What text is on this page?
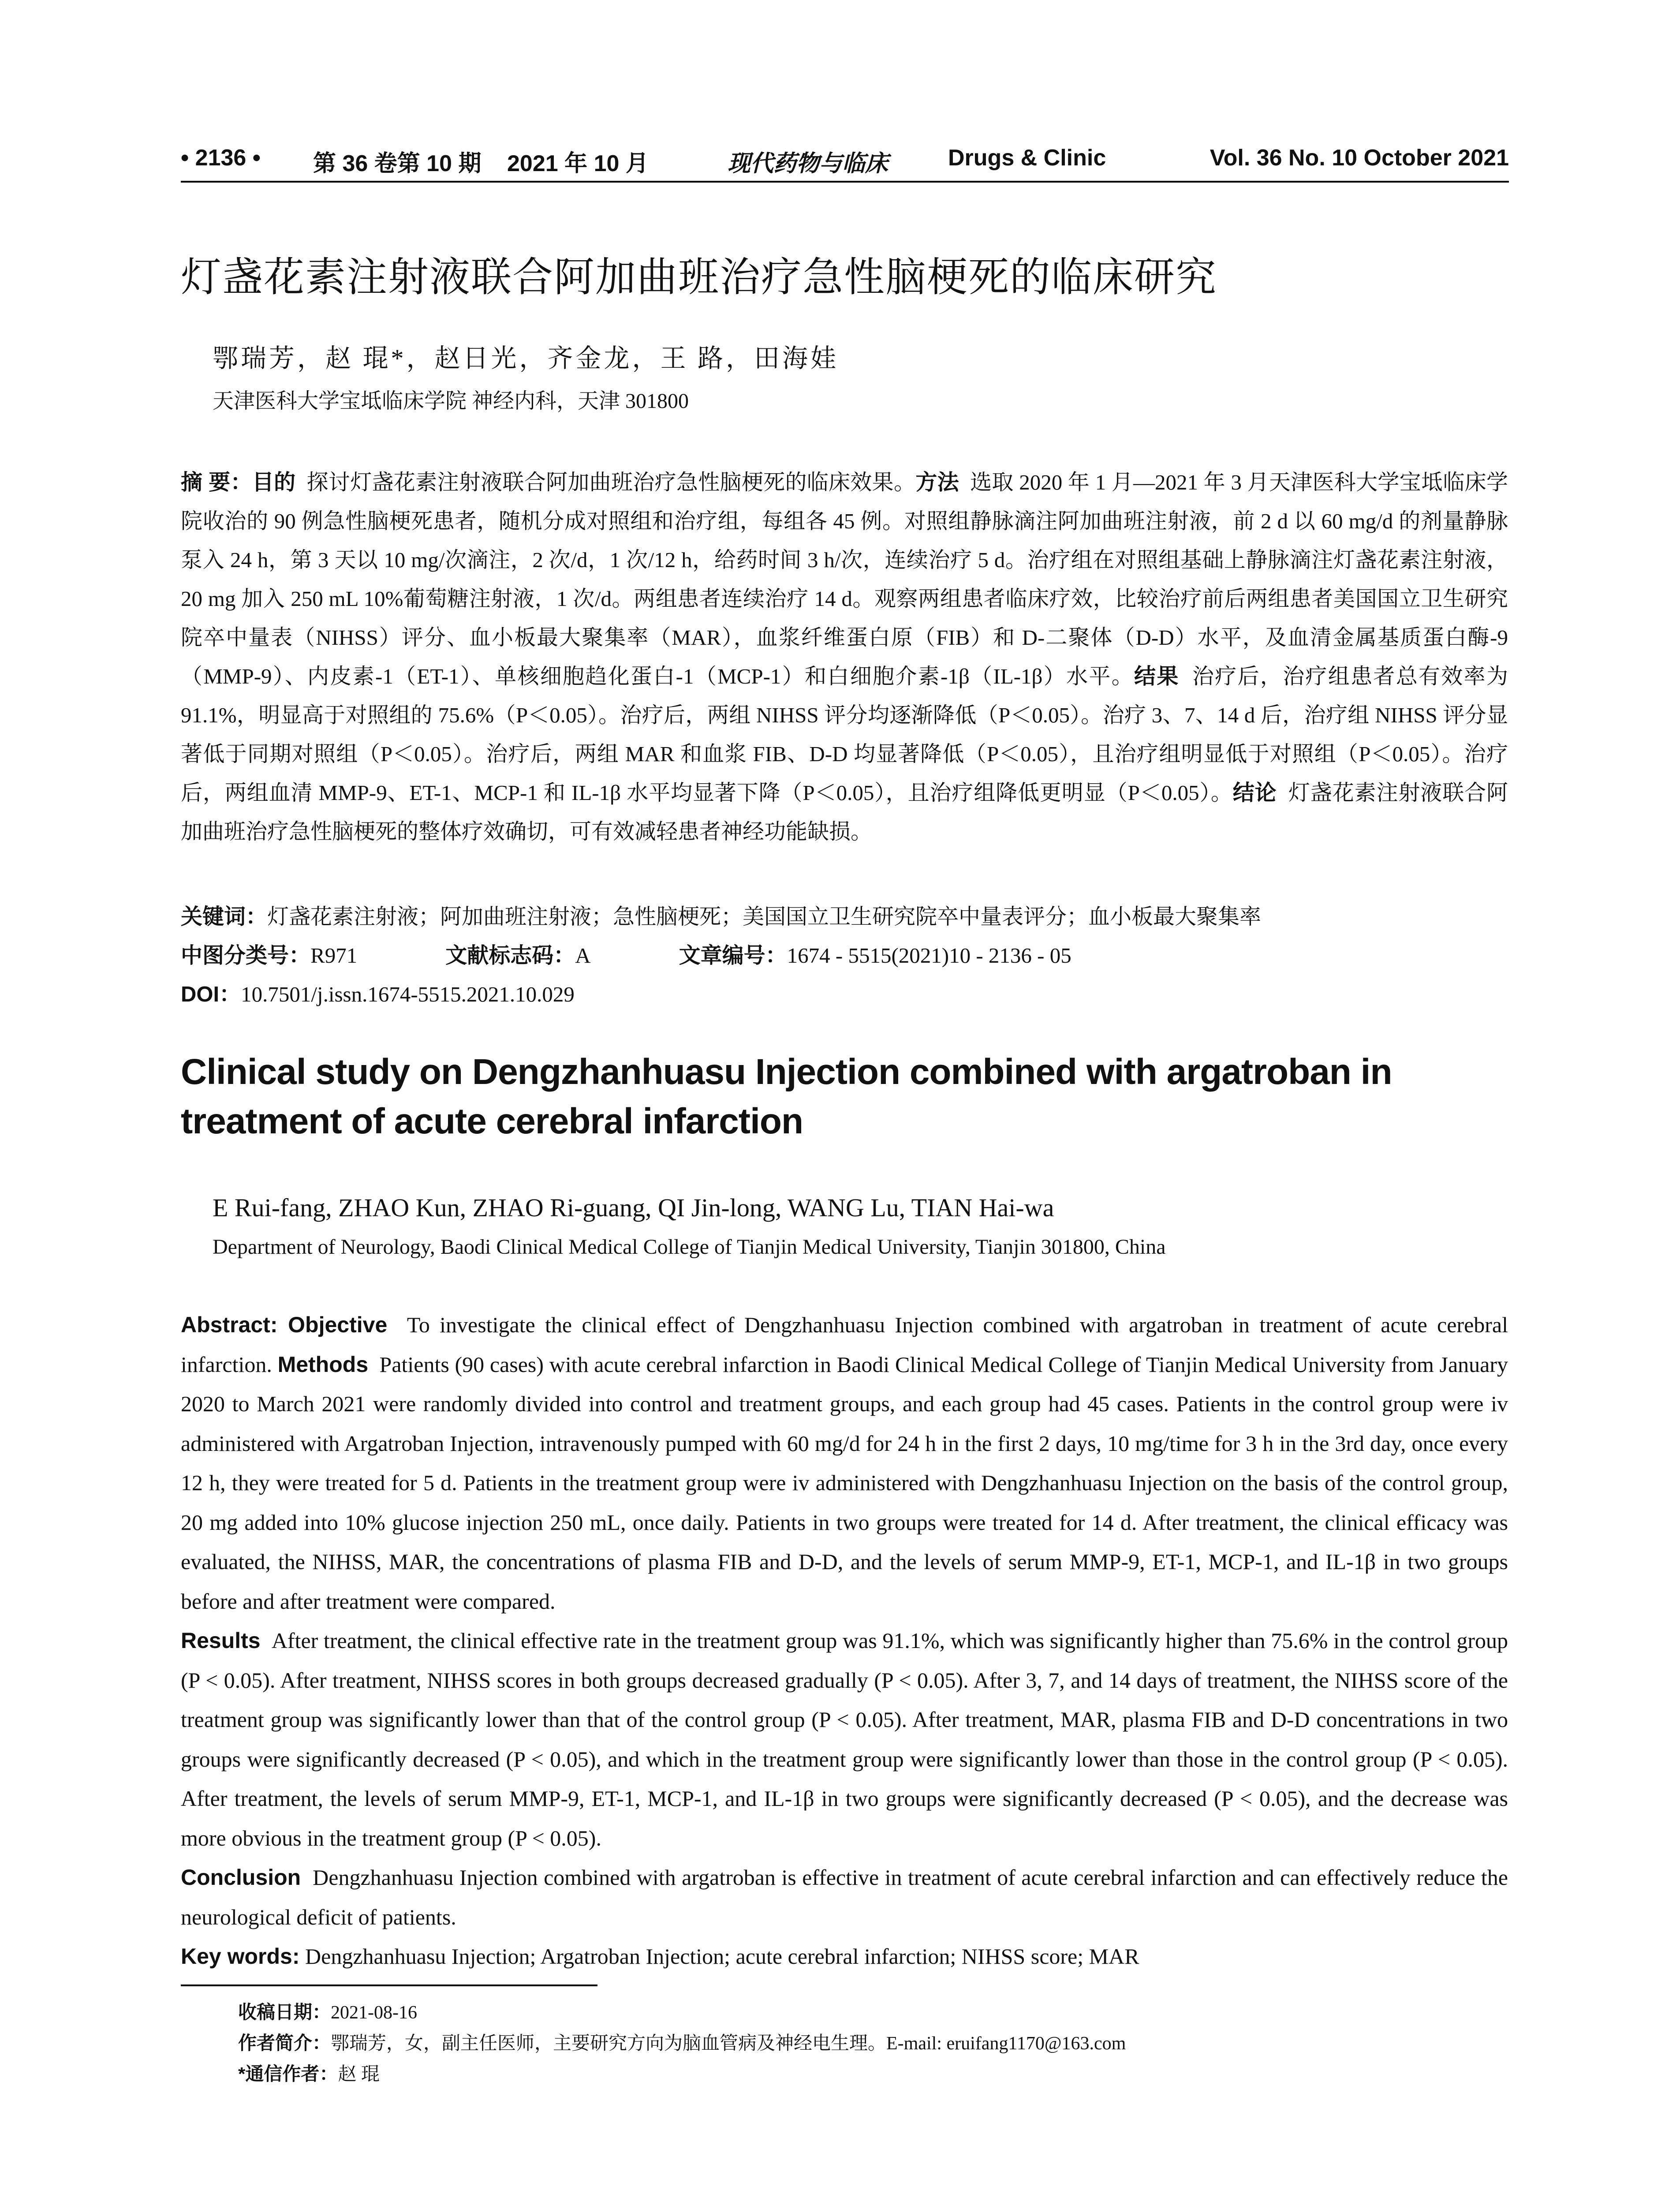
• 2136 • 第 36 卷第 10 期 2021 年 10 月	现代药物与临床	Drugs & Clinic	Vol. 36 No. 10 October 2021
灯盏花素注射液联合阿加曲班治疗急性脑梗死的临床研究
鄂瑞芳，赵 琨*，赵日光，齐金龙，王 路，田海娃
天津医科大学宝坻临床学院 神经内科，天津 301800

摘 要：目的 探讨灯盏花素注射液联合阿加曲班治疗急性脑梗死的临床效果。方法 选取 2020 年 1 月—2021 年 3 月天津医科大学宝坻临床学院收治的 90 例急性脑梗死患者，随机分成对照组和治疗组，每组各 45 例。对照组静脉滴注阿加曲班注射液，前 2 d 以 60 mg/d 的剂量静脉泵入 24 h，第 3 天以 10 mg/次滴注，2 次/d，1 次/12 h，给药时间 3 h/次，连续治疗 5 d。治疗组在对照组基础上静脉滴注灯盏花素注射液，20 mg 加入 250 mL 10%葡萄糖注射液，1 次/d。两组患者连续治疗 14 d。观察两组患者临床疗效，比较治疗前后两组患者美国国立卫生研究院卒中量表（NIHSS）评分、血小板最大聚集率（MAR），血浆纤维蛋白原（FIB）和 D-二聚体（D-D）水平，及血清金属基质蛋白酶-9（MMP-9）、内皮素-1（ET-1）、单核细胞趋化蛋白-1（MCP-1）和白细胞介素-1β（IL-1β）水平。结果 治疗后，治疗组患者总有效率为 91.1%，明显高于对照组的 75.6%（P＜0.05）。治疗后，两组 NIHSS 评分均逐渐降低（P＜0.05）。治疗 3、7、14 d 后，治疗组 NIHSS 评分显著低于同期对照组（P＜0.05）。治疗后，两组 MAR 和血浆 FIB、D-D 均显著降低（P＜0.05），且治疗组明显低于对照组（P＜0.05）。治疗后，两组血清 MMP-9、ET-1、MCP-1 和 IL-1β 水平均显著下降（P＜0.05），且治疗组降低更明显（P＜0.05）。结论 灯盏花素注射液联合阿加曲班治疗急性脑梗死的整体疗效确切，可有效减轻患者神经功能缺损。

关键词：灯盏花素注射液；阿加曲班注射液；急性脑梗死；美国国立卫生研究院卒中量表评分；血小板最大聚集率
中图分类号：R971	文献标志码：A	文章编号：1674 - 5515(2021)10 - 2136 - 05
DOI：10.7501/j.issn.1674-5515.2021.10.029

Clinical study on Dengzhanhuasu Injection combined with argatroban in treatment of acute cerebral infarction

E Rui-fang, ZHAO Kun, ZHAO Ri-guang, QI Jin-long, WANG Lu, TIAN Hai-wa
Department of Neurology, Baodi Clinical Medical College of Tianjin Medical University, Tianjin 301800, China

Abstract: Objective To investigate the clinical effect of Dengzhanhuasu Injection combined with argatroban in treatment of acute cerebral infarction. Methods Patients (90 cases) with acute cerebral infarction in Baodi Clinical Medical College of Tianjin Medical University from January 2020 to March 2021 were randomly divided into control and treatment groups, and each group had 45 cases. Patients in the control group were iv administered with Argatroban Injection, intravenously pumped with 60 mg/d for 24 h in the first 2 days, 10 mg/time for 3 h in the 3rd day, once every 12 h, they were treated for 5 d. Patients in the treatment group were iv administered with Dengzhanhuasu Injection on the basis of the control group, 20 mg added into 10% glucose injection 250 mL, once daily. Patients in two groups were treated for 14 d. After treatment, the clinical efficacy was evaluated, the NIHSS, MAR, the concentrations of plasma FIB and D-D, and the levels of serum MMP-9, ET-1, MCP-1, and IL-1β in two groups before and after treatment were compared.
Results After treatment, the clinical effective rate in the treatment group was 91.1%, which was significantly higher than 75.6% in the control group (P < 0.05). After treatment, NIHSS scores in both groups decreased gradually (P < 0.05). After 3, 7, and 14 days of treatment, the NIHSS score of the treatment group was significantly lower than that of the control group (P < 0.05). After treatment, MAR, plasma FIB and D-D concentrations in two groups were significantly decreased (P < 0.05), and which in the treatment group were significantly lower than those in the control group (P < 0.05). After treatment, the levels of serum MMP-9, ET-1, MCP-1, and IL-1β in two groups were significantly decreased (P < 0.05), and the decrease was more obvious in the treatment group (P < 0.05).
Conclusion Dengzhanhuasu Injection combined with argatroban is effective in treatment of acute cerebral infarction and can effectively reduce the neurological deficit of patients.
Key words: Dengzhanhuasu Injection; Argatroban Injection; acute cerebral infarction; NIHSS score; MAR

收稿日期：2021-08-16
作者简介：鄂瑞芳，女，副主任医师，主要研究方向为脑血管病及神经电生理。E-mail: eruifang1170@163.com
*通信作者：赵 琨
